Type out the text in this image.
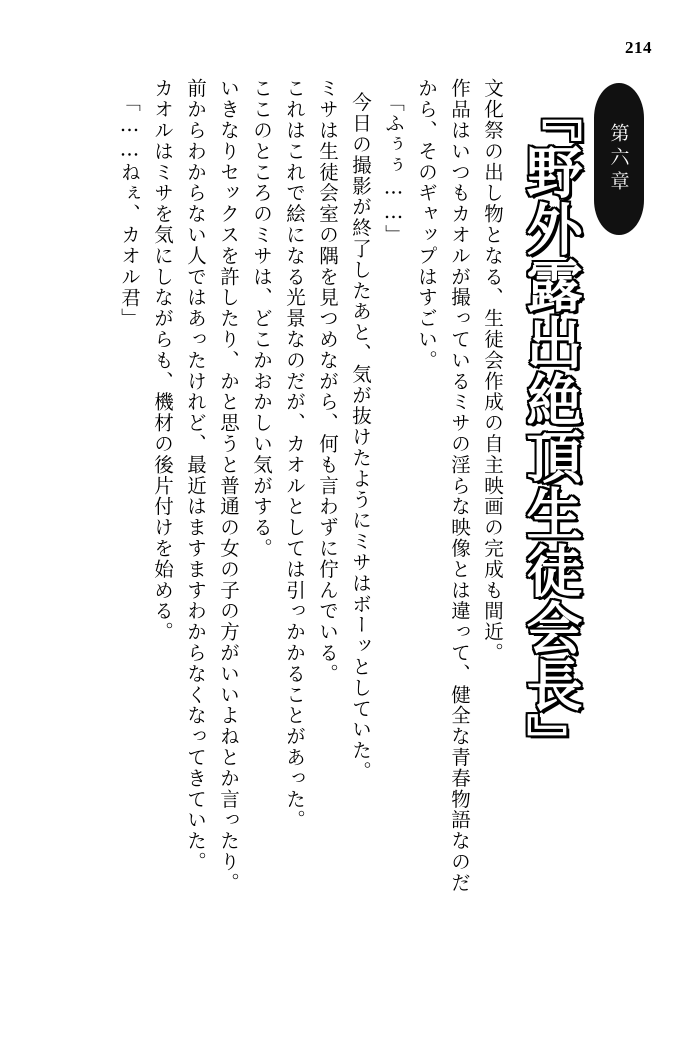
214
第六章
『野外露出絶頂生徒会長』
文化祭の出し物となる、生徒会作成の自主映画の完成も間近。
作品はいつもカオルが撮っているミサの淫らな映像とは違って、健全な青春物語なのだ
から、そのギャップはすごい。
「ふぅぅ……」
今日の撮影が終了したあと、気が抜けたようにミサはボーッとしていた。
ミサは生徒会室の隅を見つめながら、何も言わずに佇んでいる。
これはこれで絵になる光景なのだが、カオルとしては引っかかることがあった。
ここのところのミサは、どこかおかしい気がする。
いきなりセックスを許したり、かと思うと普通の女の子の方がいいよねとか言ったり。
前からわからない人ではあったけれど、最近はますますわからなくなってきていた。
カオルはミサを気にしながらも、機材の後片付けを始める。
「……ねぇ、カオル君」
